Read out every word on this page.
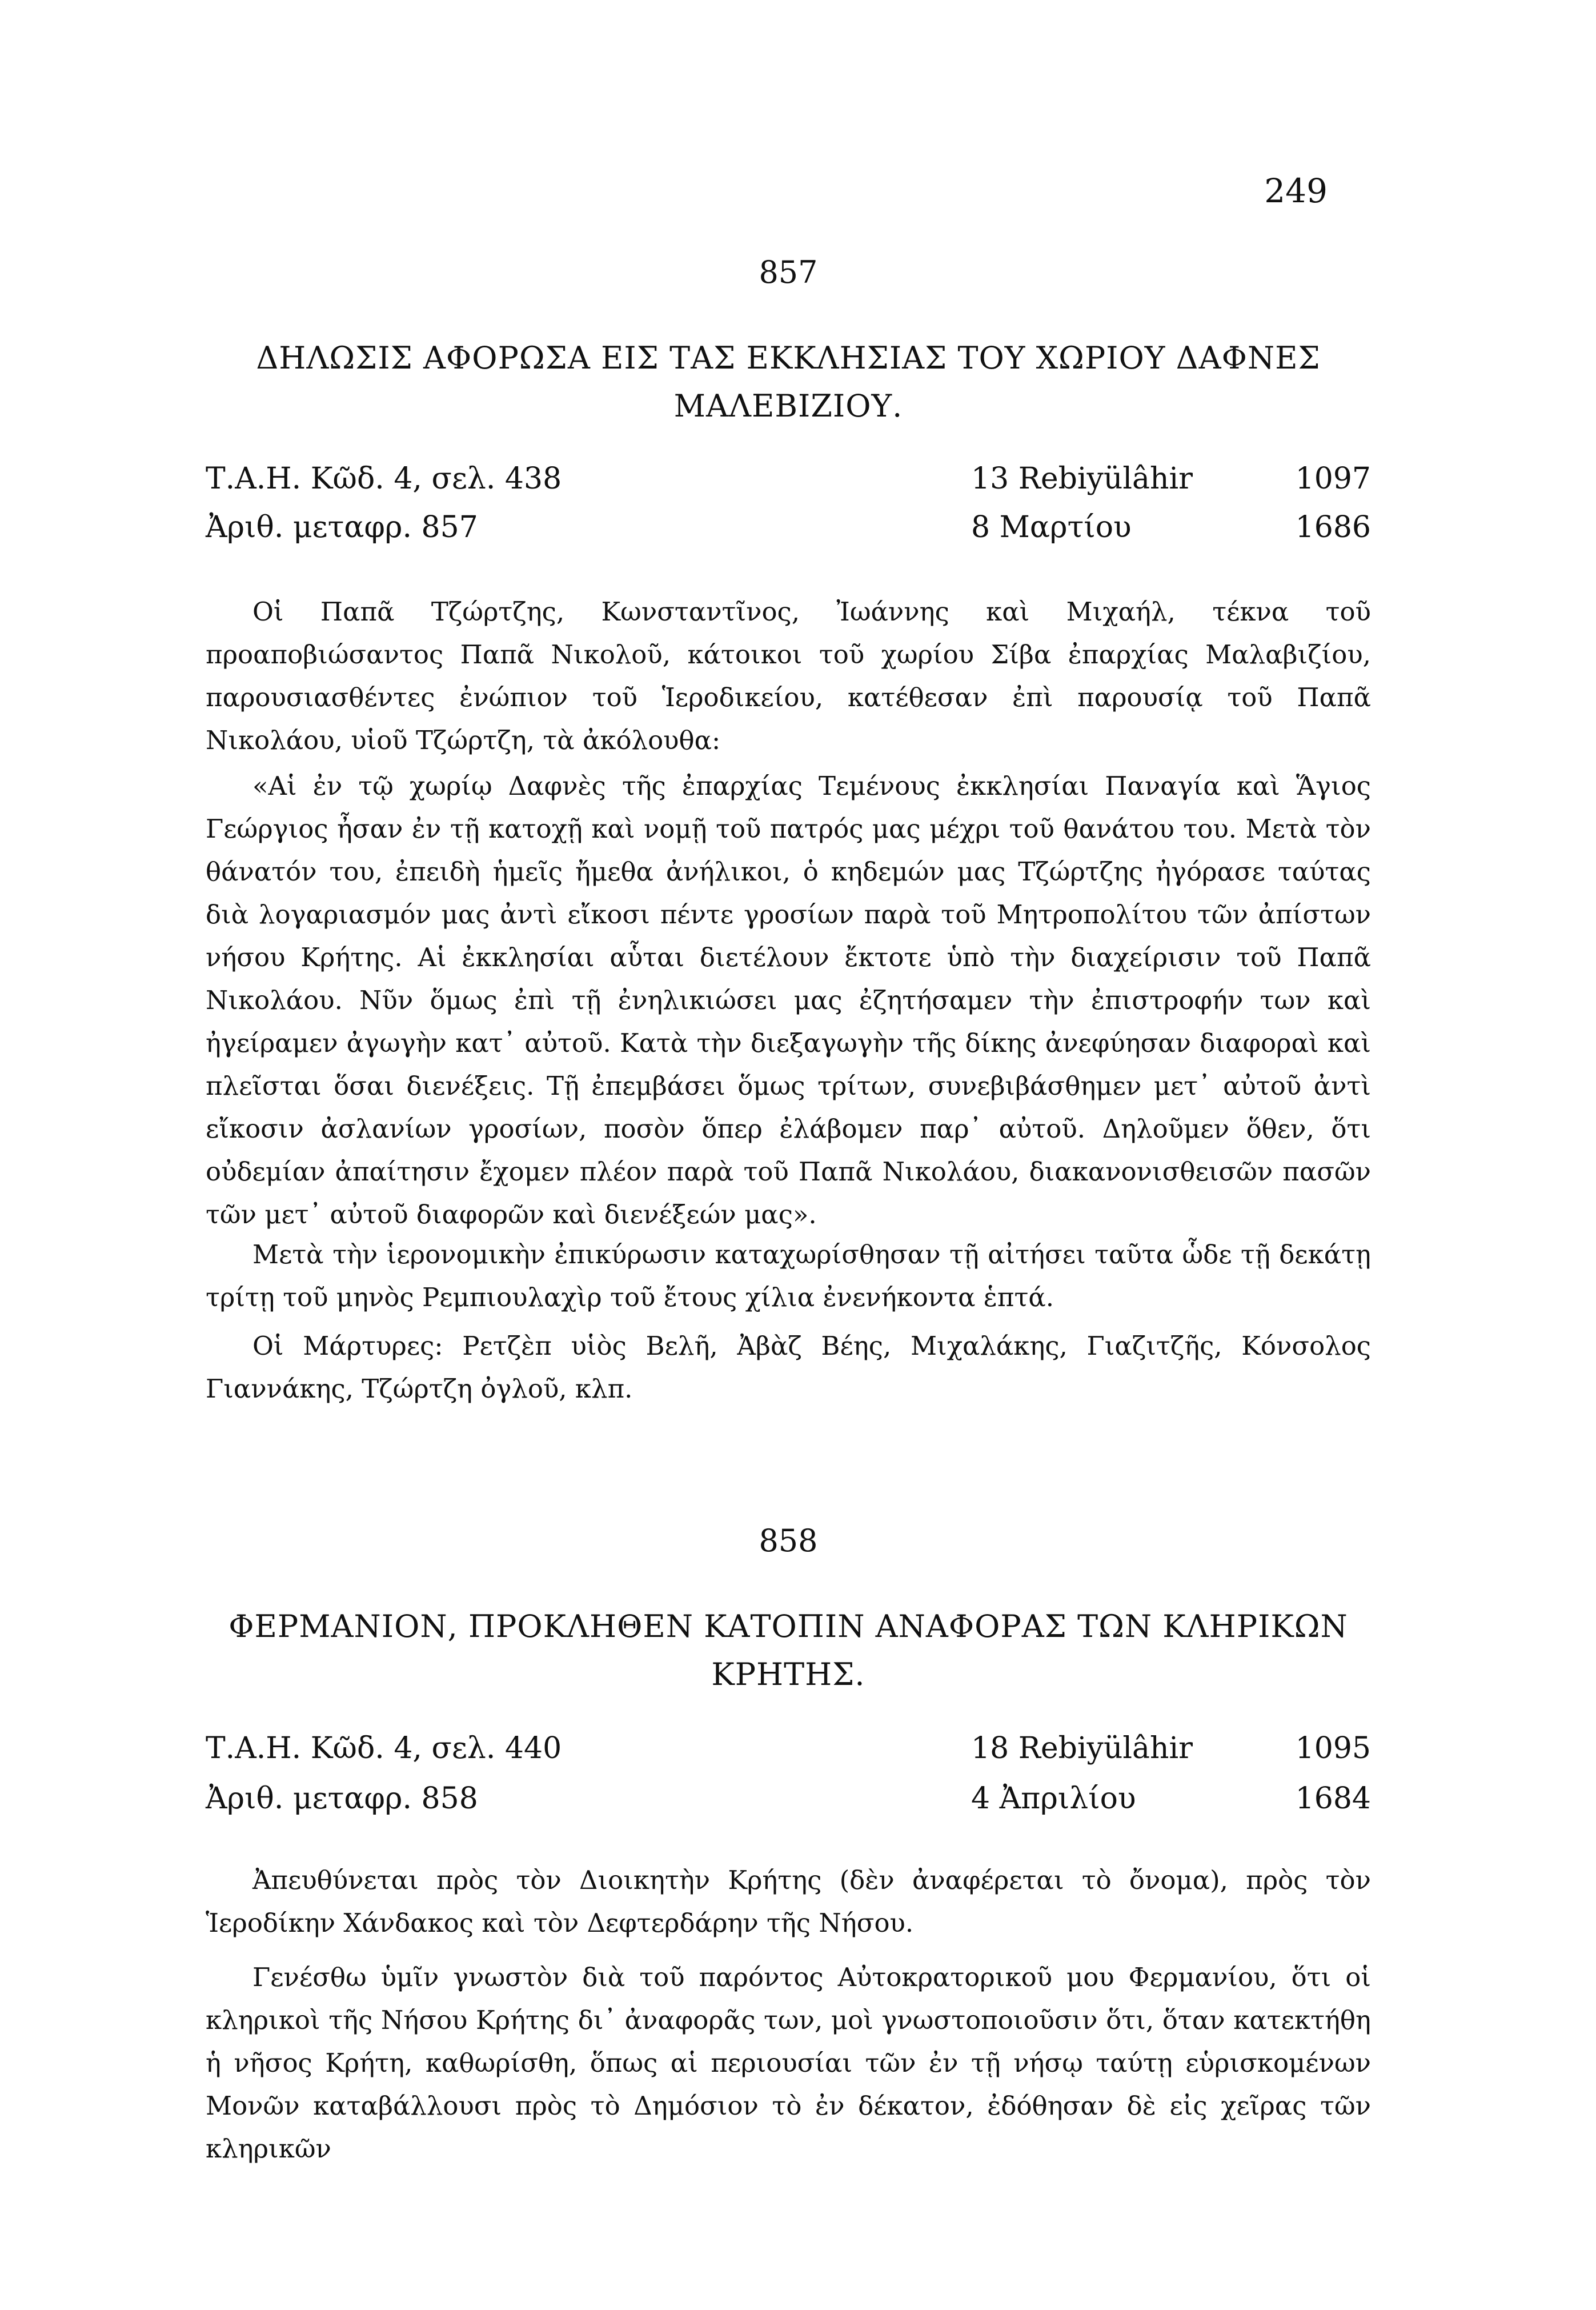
249
857
ΔΗΛΩΣΙΣ ΑΦΟΡΩΣΑ ΕΙΣ ΤΑΣ ΕΚΚΛΗΣΙΑΣ ΤΟΥ ΧΩΡΙΟΥ ΔΑΦΝΕΣ
ΜΑΛΕΒΙΖΙΟΥ.
Τ.Α.Η. Κῶδ. 4, σελ. 438	13 Rebiyülâhir	1097
Ἀριθ. μεταφρ. 857	8 Μαρτίου	1686

Οἱ Παπᾶ Τζώρτζης, Κωνσταντῖνος, Ἰωάννης καὶ Μιχαήλ, τέκνα τοῦ προαποβιώσαντος Παπᾶ Νικολοῦ, κάτοικοι τοῦ χωρίου Σίβα ἐπαρχίας Μαλαβιζίου, παρουσιασθέντες ἐνώπιον τοῦ Ἱεροδικείου, κατέθεσαν ἐπὶ παρουσίᾳ τοῦ Παπᾶ Νικολάου, υἱοῦ Τζώρτζη, τὰ ἀκόλουθα:

«Αἱ ἐν τῷ χωρίῳ Δαφνὲς τῆς ἐπαρχίας Τεμένους ἐκκλησίαι Παναγία καὶ Ἅγιος Γεώργιος ἦσαν ἐν τῇ κατοχῇ καὶ νομῇ τοῦ πατρός μας μέχρι τοῦ θανάτου του. Μετὰ τὸν θάνατόν του, ἐπειδὴ ἡμεῖς ἤμεθα ἀνήλικοι, ὁ κηδεμών μας Τζώρτζης ἠγόρασε ταύτας διὰ λογαριασμόν μας ἀντὶ εἴκοσι πέντε γροσίων παρὰ τοῦ Μητροπολίτου τῶν ἀπίστων νήσου Κρήτης. Αἱ ἐκκλησίαι αὗται διετέλουν ἔκτοτε ὑπὸ τὴν διαχείρισιν τοῦ Παπᾶ Νικολάου. Νῦν ὅμως ἐπὶ τῇ ἐνηλικιώσει μας ἐζητήσαμεν τὴν ἐπιστροφήν των καὶ ἠγείραμεν ἀγωγὴν κατ᾽ αὐτοῦ. Κατὰ τὴν διεξαγωγὴν τῆς δίκης ἀνεφύησαν διαφοραὶ καὶ πλεῖσται ὅσαι διενέξεις. Τῇ ἐπεμβάσει ὅμως τρίτων, συνεβιβάσθημεν μετ᾽ αὐτοῦ ἀντὶ εἴκοσιν ἀσλανίων γροσίων, ποσὸν ὅπερ ἐλάβομεν παρ᾽ αὐτοῦ. Δηλοῦμεν ὅθεν, ὅτι οὐδεμίαν ἀπαίτησιν ἔχομεν πλέον παρὰ τοῦ Παπᾶ Νικολάου, διακανονισθεισῶν πασῶν τῶν μετ᾽ αὐτοῦ διαφορῶν καὶ διενέξεών μας».

Μετὰ τὴν ἱερονομικὴν ἐπικύρωσιν καταχωρίσθησαν τῇ αἰτήσει ταῦτα ὧδε τῇ δεκάτῃ τρίτῃ τοῦ μηνὸς Ρεμπιουλαχὶρ τοῦ ἔτους χίλια ἐνενήκοντα ἑπτά.

Οἱ Μάρτυρες: Ρετζὲπ υἱὸς Βελῆ, Ἀβὰζ Βέης, Μιχαλάκης, Γιαζιτζῆς, Κόνσολος Γιαννάκης, Τζώρτζη ὀγλοῦ, κλπ.

858
ΦΕΡΜΑΝΙΟΝ, ΠΡΟΚΛΗΘΕΝ ΚΑΤΟΠΙΝ ΑΝΑΦΟΡΑΣ ΤΩΝ ΚΛΗΡΙΚΩΝ
ΚΡΗΤΗΣ.
Τ.Α.Η. Κῶδ. 4, σελ. 440	18 Rebiyülâhir	1095
Ἀριθ. μεταφρ. 858	4 Ἀπριλίου	1684

Ἀπευθύνεται πρὸς τὸν Διοικητὴν Κρήτης (δὲν ἀναφέρεται τὸ ὄνομα), πρὸς τὸν Ἱεροδίκην Χάνδακος καὶ τὸν Δεφτερδάρην τῆς Νήσου.

Γενέσθω ὑμῖν γνωστὸν διὰ τοῦ παρόντος Αὐτοκρατορικοῦ μου Φερμανίου, ὅτι οἱ κληρικοὶ τῆς Νήσου Κρήτης δι᾽ ἀναφορᾶς των, μοὶ γνωστοποιοῦσιν ὅτι, ὅταν κατεκτήθη ἡ νῆσος Κρήτη, καθωρίσθη, ὅπως αἱ περιουσίαι τῶν ἐν τῇ νήσῳ ταύτῃ εὑρισκομένων Μονῶν καταβάλλουσι πρὸς τὸ Δημόσιον τὸ ἐν δέκατον, ἐδόθησαν δὲ εἰς χεῖρας τῶν κληρικῶν
